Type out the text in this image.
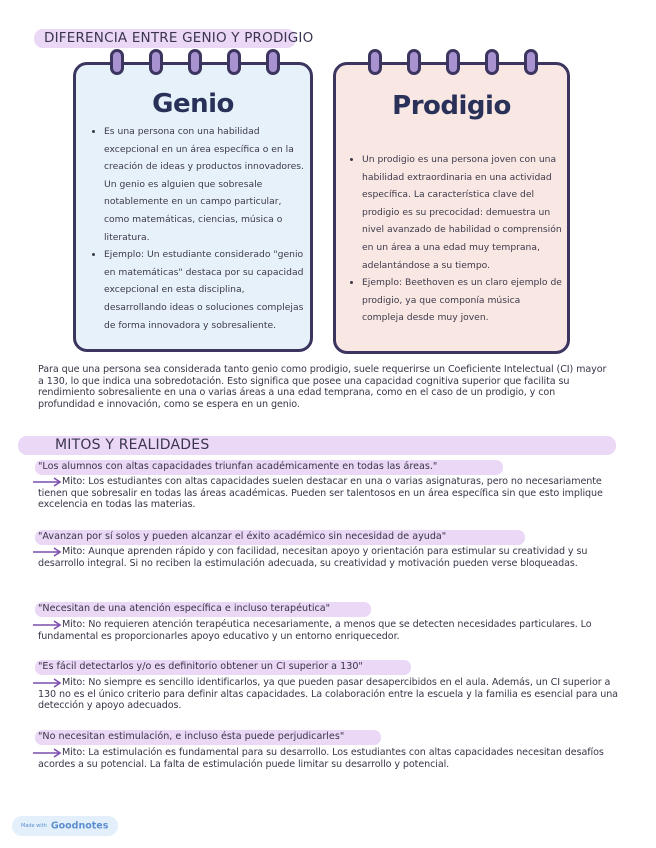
DIFERENCIA ENTRE GENIO Y PRODIGIO
Genio
• Es una persona con una habilidad excepcional en un área específica o en la creación de ideas y productos innovadores. Un genio es alguien que sobresale notablemente en un campo particular, como matemáticas, ciencias, música o literatura.
• Ejemplo: Un estudiante considerado "genio en matemáticas" destaca por su capacidad excepcional en esta disciplina, desarrollando ideas o soluciones complejas de forma innovadora y sobresaliente.
Prodigio
• Un prodigio es una persona joven con una habilidad extraordinaria en una actividad específica. La característica clave del prodigio es su precocidad: demuestra un nivel avanzado de habilidad o comprensión en un área a una edad muy temprana, adelantándose a su tiempo.
• Ejemplo: Beethoven es un claro ejemplo de prodigio, ya que componía música compleja desde muy joven.
Para que una persona sea considerada tanto genio como prodigio, suele requerirse un Coeficiente Intelectual (CI) mayor a 130, lo que indica una sobredotación. Esto significa que posee una capacidad cognitiva superior que facilita su rendimiento sobresaliente en una o varias áreas a una edad temprana, como en el caso de un prodigio, y con profundidad e innovación, como se espera en un genio.
MITOS Y REALIDADES
"Los alumnos con altas capacidades triunfan académicamente en todas las áreas."
Mito: Los estudiantes con altas capacidades suelen destacar en una o varias asignaturas, pero no necesariamente tienen que sobresalir en todas las áreas académicas. Pueden ser talentosos en un área específica sin que esto implique excelencia en todas las materias.
"Avanzan por sí solos y pueden alcanzar el éxito académico sin necesidad de ayuda"
Mito: Aunque aprenden rápido y con facilidad, necesitan apoyo y orientación para estimular su creatividad y su desarrollo integral. Si no reciben la estimulación adecuada, su creatividad y motivación pueden verse bloqueadas.
"Necesitan de una atención específica e incluso terapéutica"
Mito: No requieren atención terapéutica necesariamente, a menos que se detecten necesidades particulares. Lo fundamental es proporcionarles apoyo educativo y un entorno enriquecedor.
"Es fácil detectarlos y/o es definitorio obtener un CI superior a 130"
Mito: No siempre es sencillo identificarlos, ya que pueden pasar desapercibidos en el aula. Además, un CI superior a 130 no es el único criterio para definir altas capacidades. La colaboración entre la escuela y la familia es esencial para una detección y apoyo adecuados.
"No necesitan estimulación, e incluso ésta puede perjudicarles"
Mito: La estimulación es fundamental para su desarrollo. Los estudiantes con altas capacidades necesitan desafíos acordes a su potencial. La falta de estimulación puede limitar su desarrollo y potencial.
Made with Goodnotes
